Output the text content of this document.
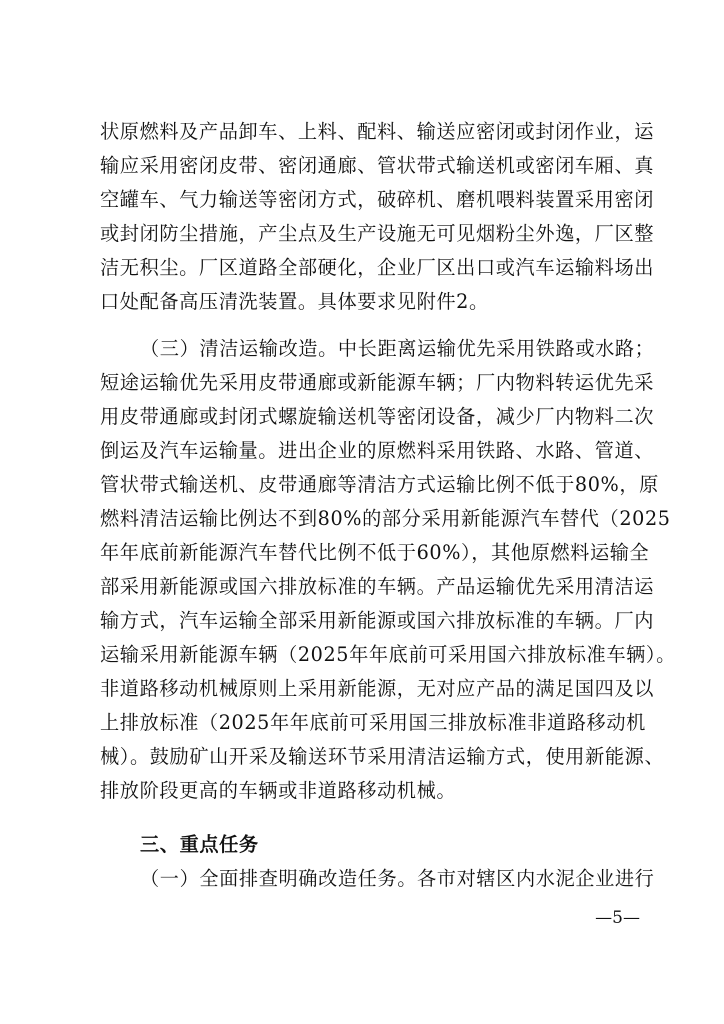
状原燃料及产品卸车、上料、配料、输送应密闭或封闭作业，运
输应采用密闭皮带、密闭通廊、管状带式输送机或密闭车厢、真
空罐车、气力输送等密闭方式，破碎机、磨机喂料装置采用密闭
或封闭防尘措施，产尘点及生产设施无可见烟粉尘外逸，厂区整
洁无积尘。厂区道路全部硬化，企业厂区出口或汽车运输料场出
口处配备高压清洗装置。具体要求见附件2。
（三）清洁运输改造。中长距离运输优先采用铁路或水路；
短途运输优先采用皮带通廊或新能源车辆；厂内物料转运优先采
用皮带通廊或封闭式螺旋输送机等密闭设备，减少厂内物料二次
倒运及汽车运输量。进出企业的原燃料采用铁路、水路、管道、
管状带式输送机、皮带通廊等清洁方式运输比例不低于80%，原
燃料清洁运输比例达不到80%的部分采用新能源汽车替代（2025
年年底前新能源汽车替代比例不低于60%），其他原燃料运输全
部采用新能源或国六排放标准的车辆。产品运输优先采用清洁运
输方式，汽车运输全部采用新能源或国六排放标准的车辆。厂内
运输采用新能源车辆（2025年年底前可采用国六排放标准车辆）。
非道路移动机械原则上采用新能源，无对应产品的满足国四及以
上排放标准（2025年年底前可采用国三排放标准非道路移动机
械）。鼓励矿山开采及输送环节采用清洁运输方式，使用新能源、
排放阶段更高的车辆或非道路移动机械。
三、重点任务
（一）全面排查明确改造任务。各市对辖区内水泥企业进行
—5—
